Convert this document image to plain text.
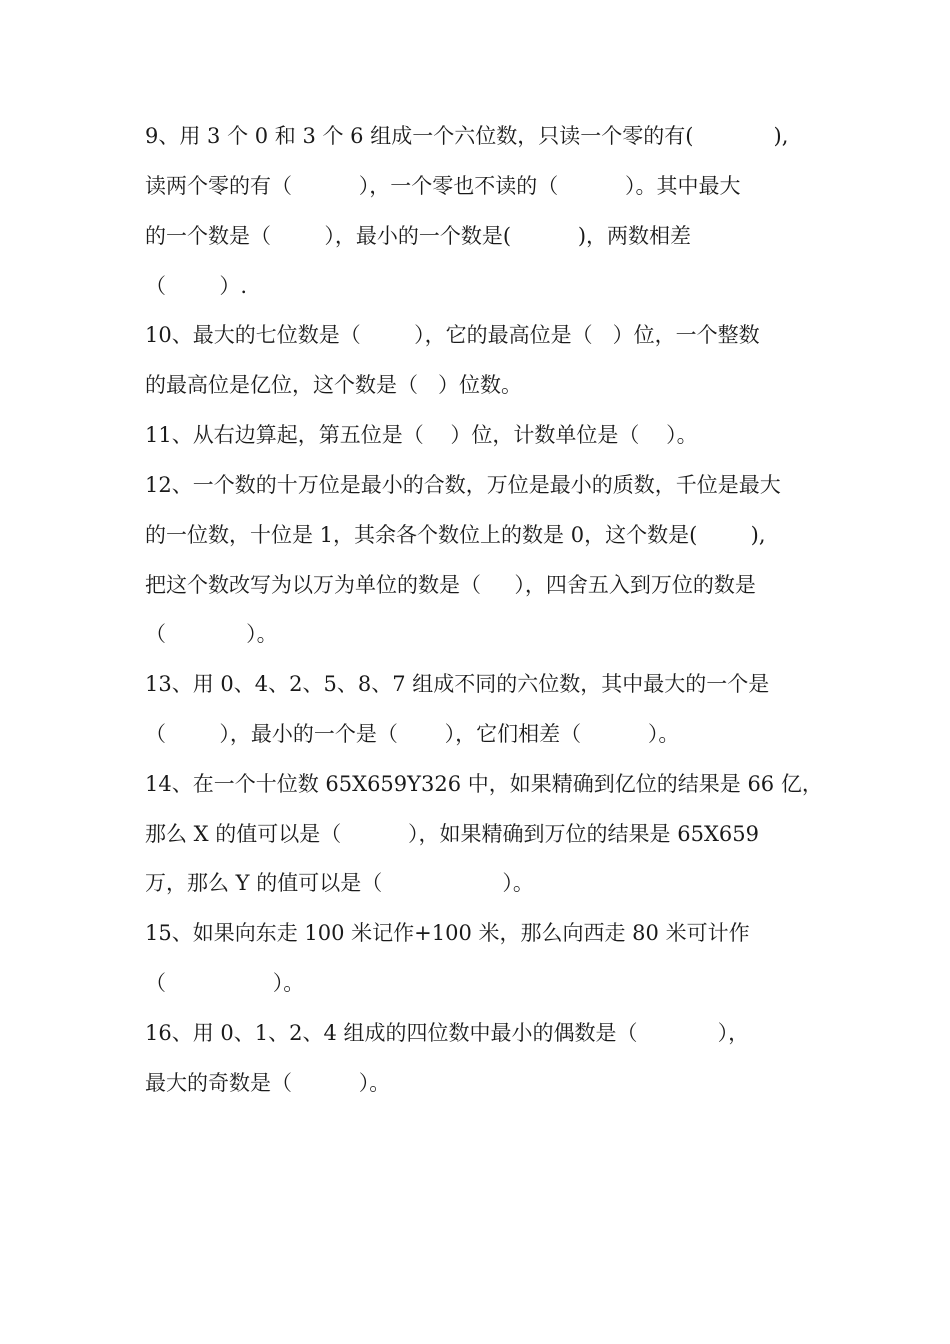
9、用 3 个 0 和 3 个 6 组成一个六位数，只读一个零的有(            ),
读两个零的有（          ），一个零也不读的（          ）。其中最大
的一个数是（        ），最小的一个数是(          )，两数相差
（        ）.
10、最大的七位数是（        ），它的最高位是（   ）位，一个整数
的最高位是亿位，这个数是（   ）位数。
11、从右边算起，第五位是（    ）位，计数单位是（    ）。
12、一个数的十万位是最小的合数，万位是最小的质数，千位是最大
的一位数，十位是 1，其余各个数位上的数是 0，这个数是(        ),
把这个数改写为以万为单位的数是（     ），四舍五入到万位的数是
（            ）。
13、用 0、4、2、5、8、7 组成不同的六位数，其中最大的一个是
（        ），最小的一个是（       ），它们相差（          ）。
14、在一个十位数 65X659Y326 中，如果精确到亿位的结果是 66 亿，
那么 X 的值可以是（          ），如果精确到万位的结果是 65X659
万，那么 Y 的值可以是（                  ）。
15、如果向东走 100 米记作+100 米，那么向西走 80 米可计作
（                ）。
16、用 0、1、2、4 组成的四位数中最小的偶数是（            ），
最大的奇数是（          ）。
